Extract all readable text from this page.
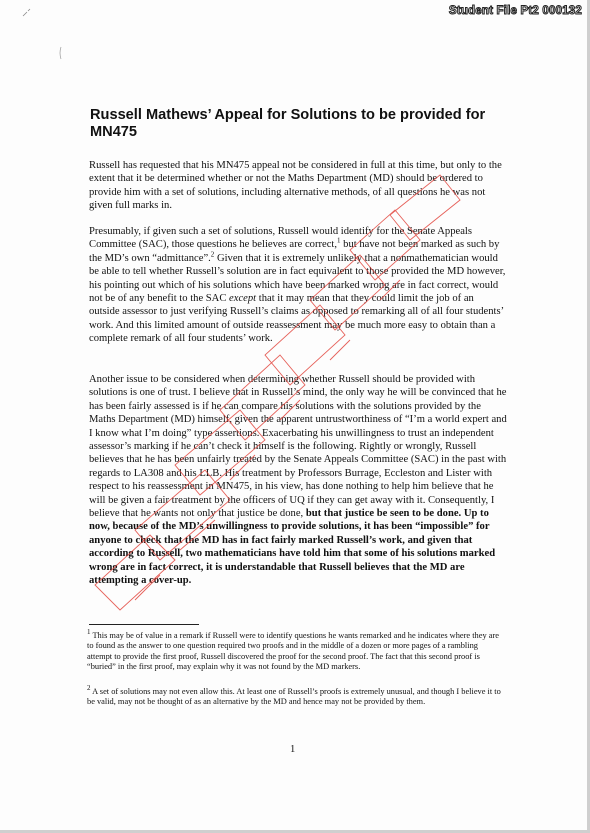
Student File Pt2 000132
Russell Mathews’ Appeal for Solutions to be provided for MN475

Russell has requested that his MN475 appeal not be considered in full at this time, but only to the extent that it be determined whether or not the Maths Department (MD) should be ordered to provide him with a set of solutions, including alternative methods, of all questions he was not given full marks in.

Presumably, if given such a set of solutions, Russell would identify for the Senate Appeals Committee (SAC), those questions he believes are correct,$^1$ but have not been marked as such by the MD’s own “admittance”.$^2$ Given that it is extremely unlikely that a nonmathematician would be able to tell whether Russell’s solution are in fact equivalent to those provided the MD however, his pointing out which of his solutions which have been marked wrong are in fact correct, would not be of any benefit to the SAC except that it may mean that they could limit the job of an outside assessor to just verifying Russell’s claims as opposed to remarking all of all four students’ work. And this limited amount of outside reassessment may be much more easy to obtain than a complete remark of all four students’ work.

Another issue to be considered when determining whether Russell should be provided with solutions is one of trust. I believe that in Russell’s mind, the only way he will be convinced that he has been fairly assessed is if he can compare his solutions with the solutions provided by the Maths Department (MD) himself, given the apparent untrustworthiness of “I’m a world expert and I know what I’m doing” type assertions. Exacerbating his unwillingness to trust an independent assessor’s marking if he can’t check it himself is the following. Rightly or wrongly, Russell believes that he has been unfairly treated by the Senate Appeals Committee (SAC) in the past with regards to LA308 and his LLB. His treatment by Professors Burrage, Eccleston and Lister with respect to his reassessment in MN475, in his view, has done nothing to help him believe that he will be given a fair treatment by the officers of UQ if they can get away with it. Consequently, I believe that he wants not only that justice be done, but that justice be seen to be done. Up to now, because of the MD’s unwillingness to provide solutions, it has been “impossible” for anyone to check that the MD has in fact fairly marked Russell’s work, and given that according to Russell, two mathematicians have told him that some of his solutions marked wrong are in fact correct, it is understandable that Russell believes that the MD are attempting a cover-up.

$^1$ This may be of value in a remark if Russell were to identify questions he wants remarked and he indicates where they are to found as the answer to one question required two proofs and in the middle of a dozen or more pages of a rambling attempt to provide the first proof, Russell discovered the proof for the second proof. The fact that this second proof is “buried” in the first proof, may explain why it was not found by the MD markers.

$^2$ A set of solutions may not even allow this. At least one of Russell’s proofs is extremely unusual, and though I believe it to be valid, may not be thought of as an alternative by the MD and hence may not be provided by them.

1
